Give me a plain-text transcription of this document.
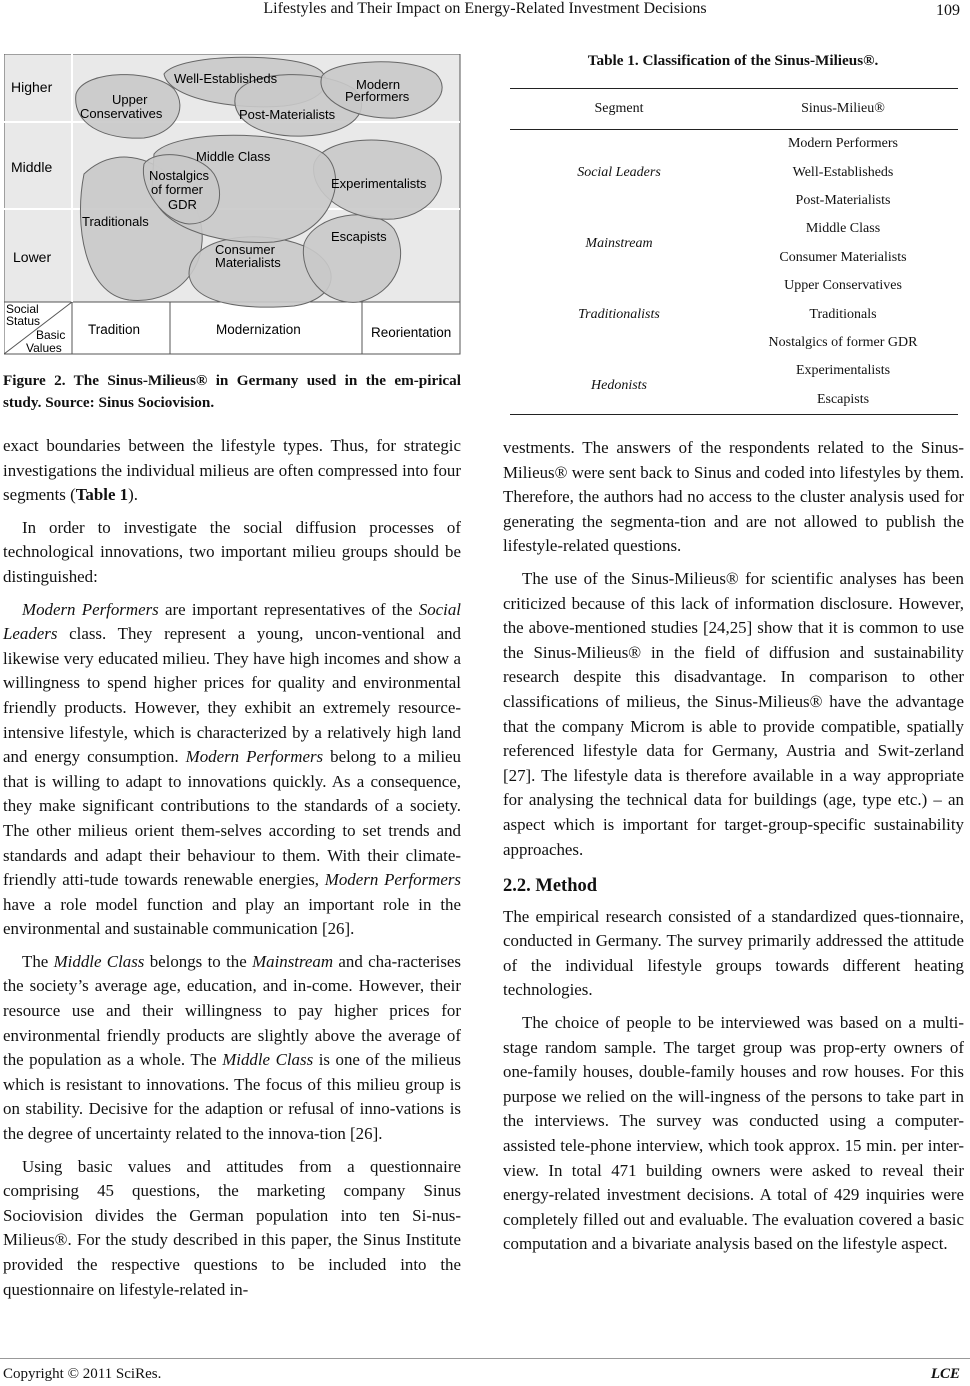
Lifestyles and Their Impact on Energy-Related Investment Decisions	109
Higher
Middle
Lower
Social
Status
Basic
Values
Tradition	Modernization	Reorientation
Upper
Conservatives
Well-Establisheds	Modern
Performers
Post-Materialists
Middle Class
Nostalgics
of former
GDR
Experimentalists
Traditionals
Consumer
Materialists
Escapists
Figure 2. The Sinus-Milieus® in Germany used in the em-pirical study. Source: Sinus Sociovision.
Table 1. Classification of the Sinus-Milieus®.
Segment	Sinus-Milieu®
Social Leaders	Modern Performers
	Well-Establisheds
	Post-Materialists
Mainstream	Middle Class
	Consumer Materialists
Traditionalists	Upper Conservatives
	Traditionals
	Nostalgics of former GDR
Hedonists	Experimentalists
	Escapists

exact boundaries between the lifestyle types. Thus, for strategic investigations the individual milieus are often compressed into four segments (Table 1).

In order to investigate the social diffusion processes of technological innovations, two important milieu groups should be distinguished:

Modern Performers are important representatives of the Social Leaders class. They represent a young, uncon-ventional and likewise very educated milieu. They have high incomes and show a willingness to spend higher prices for quality and environmental friendly products. However, they exhibit an extremely resource-intensive lifestyle, which is characterized by a relatively high land and energy consumption. Modern Performers belong to a milieu that is willing to adapt to innovations quickly. As a consequence, they make significant contributions to the standards of a society. The other milieus orient them-selves according to set trends and standards and adapt their behaviour to them. With their climate-friendly atti-tude towards renewable energies, Modern Performers have a role model function and play an important role in the environmental and sustainable communication [26].

The Middle Class belongs to the Mainstream and cha-racterises the society’s average age, education, and in-come. However, their resource use and their willingness to pay higher prices for environmental friendly products are slightly above the average of the population as a whole. The Middle Class is one of the milieus which is resistant to innovations. The focus of this milieu group is on stability. Decisive for the adaption or refusal of inno-vations is the degree of uncertainty related to the innova-tion [26].

Using basic values and attitudes from a questionnaire comprising 45 questions, the marketing company Sinus Sociovision divides the German population into ten Si-nus-Milieus®. For the study described in this paper, the Sinus Institute provided the respective questions to be included into the questionnaire on lifestyle-related in-

vestments. The answers of the respondents related to the Sinus-Milieus® were sent back to Sinus and coded into lifestyles by them. Therefore, the authors had no access to the cluster analysis used for generating the segmenta-tion and are not allowed to publish the lifestyle-related questions.

The use of the Sinus-Milieus® for scientific analyses has been criticized because of this lack of information disclosure. However, the above-mentioned studies [24,25] show that it is common to use the Sinus-Milieus® in the field of diffusion and sustainability research despite this disadvantage. In comparison to other classifications of milieus, the Sinus-Milieus® have the advantage that the company Microm is able to provide compatible, spatially referenced lifestyle data for Germany, Austria and Swit-zerland [27]. The lifestyle data is therefore available in a way appropriate for analysing the technical data for buildings (age, type etc.) – an aspect which is important for target-group-specific sustainability approaches.

2.2. Method

The empirical research consisted of a standardized ques-tionnaire, conducted in Germany. The survey primarily addressed the attitude of the individual lifestyle groups towards different heating technologies.

The choice of people to be interviewed was based on a multi-stage random sample. The target group was prop-erty owners of one-family houses, double-family houses and row houses. For this purpose we relied on the will-ingness of the persons to take part in the interviews. The survey was conducted using a computer-assisted tele-phone interview, which took approx. 15 min. per inter-view. In total 471 building owners were asked to reveal their energy-related investment decisions. A total of 429 inquiries were completely filled out and evaluable. The evaluation covered a basic computation and a bivariate analysis based on the lifestyle aspect.

Copyright © 2011 SciRes.	LCE
